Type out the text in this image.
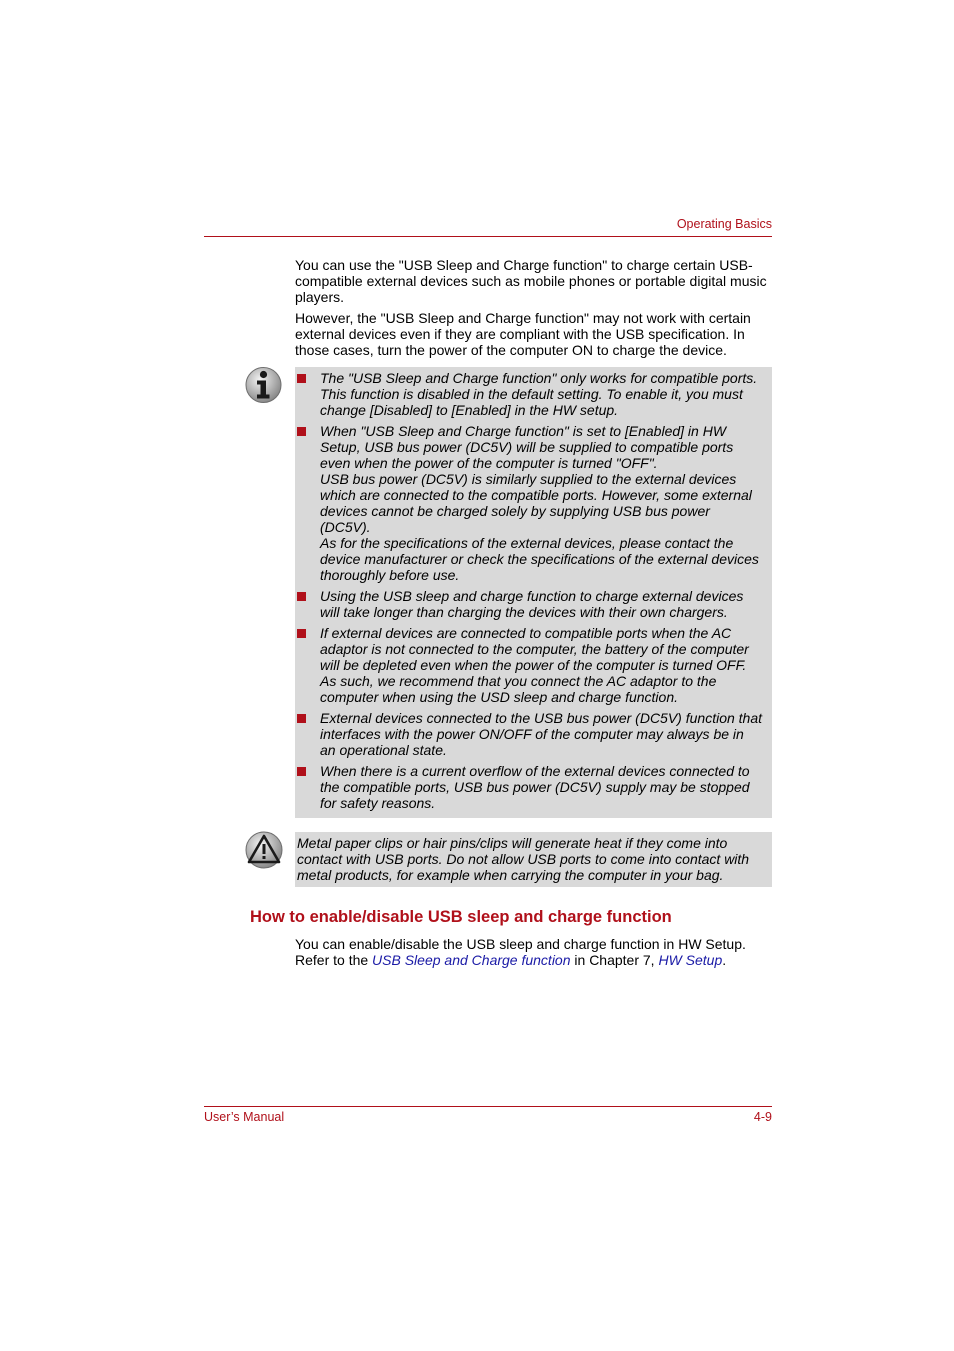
Operating Basics

You can use the "USB Sleep and Charge function" to charge certain USB-compatible external devices such as mobile phones or portable digital music players.

However, the "USB Sleep and Charge function" may not work with certain external devices even if they are compliant with the USB specification. In those cases, turn the power of the computer ON to charge the device.

The "USB Sleep and Charge function" only works for compatible ports.
This function is disabled in the default setting. To enable it, you must
change [Disabled] to [Enabled] in the HW setup.
When "USB Sleep and Charge function" is set to [Enabled] in HW
Setup, USB bus power (DC5V) will be supplied to compatible ports
even when the power of the computer is turned "OFF".
USB bus power (DC5V) is similarly supplied to the external devices
which are connected to the compatible ports. However, some external
devices cannot be charged solely by supplying USB bus power
(DC5V).
As for the specifications of the external devices, please contact the
device manufacturer or check the specifications of the external devices
thoroughly before use.
Using the USB sleep and charge function to charge external devices
will take longer than charging the devices with their own chargers.
If external devices are connected to compatible ports when the AC
adaptor is not connected to the computer, the battery of the computer
will be depleted even when the power of the computer is turned OFF.
As such, we recommend that you connect the AC adaptor to the
computer when using the USD sleep and charge function.
External devices connected to the USB bus power (DC5V) function that
interfaces with the power ON/OFF of the computer may always be in
an operational state.
When there is a current overflow of the external devices connected to
the compatible ports, USB bus power (DC5V) supply may be stopped
for safety reasons.
Metal paper clips or hair pins/clips will generate heat if they come into
contact with USB ports. Do not allow USB ports to come into contact with
metal products, for example when carrying the computer in your bag.
How to enable/disable USB sleep and charge function

You can enable/disable the USB sleep and charge function in HW Setup.

Refer to the USB Sleep and Charge function in Chapter 7, HW Setup.

User’s Manual	4-9
